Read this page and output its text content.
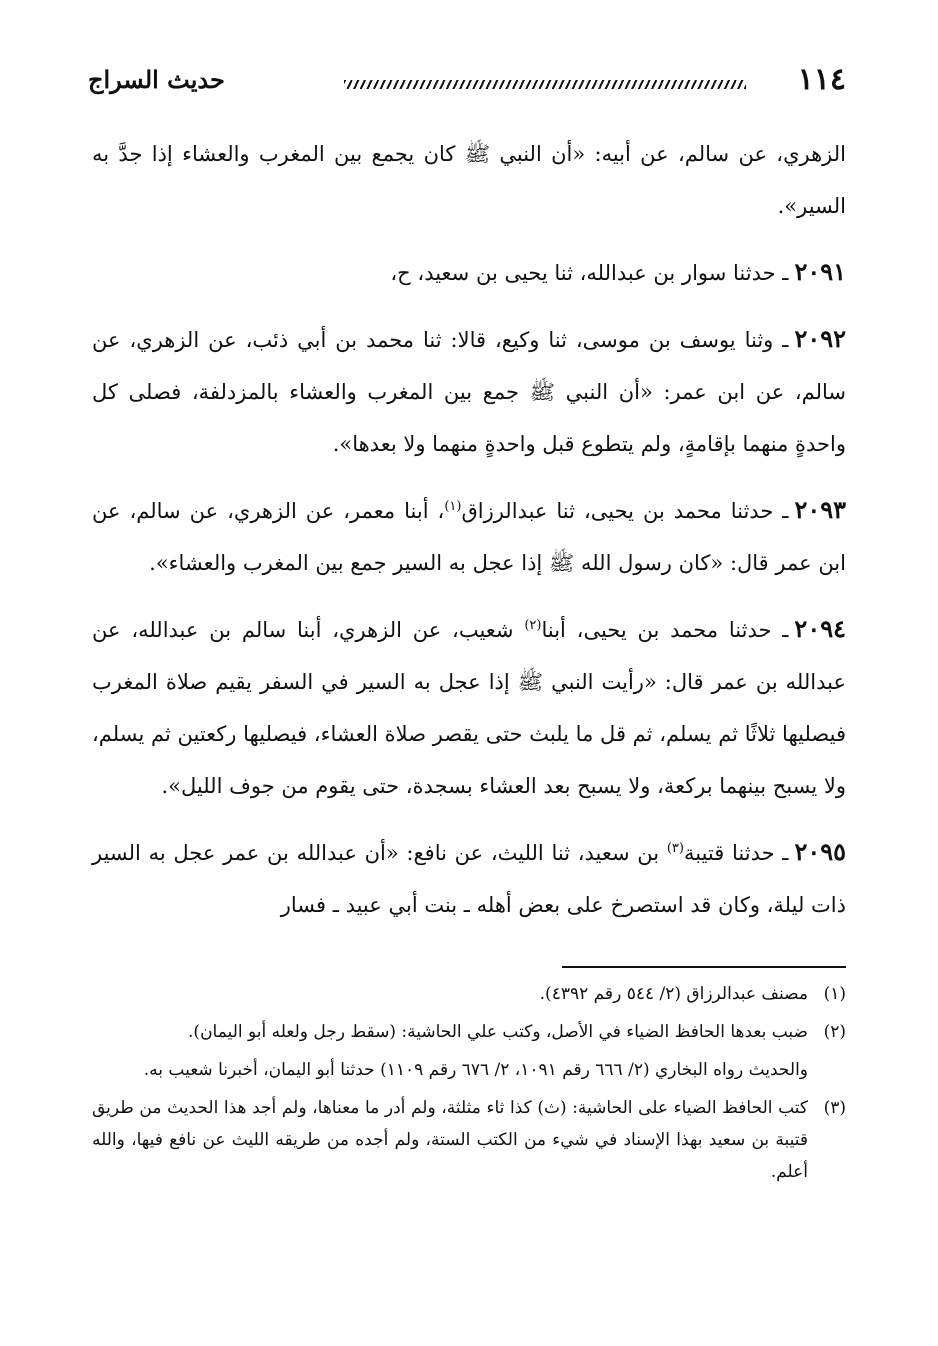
١١٤
حديث السراج

الزهري، عن سالم، عن أبيه: «أن النبي ﷺ كان يجمع بين المغرب والعشاء إذا جدَّ به السير».

٢٠٩١ـ حدثنا سوار بن عبدالله، ثنا يحيى بن سعيد، ح،

٢٠٩٢ـ وثنا يوسف بن موسى، ثنا وكيع، قالا: ثنا محمد بن أبي ذئب، عن الزهري، عن سالم، عن ابن عمر: «أن النبي ﷺ جمع بين المغرب والعشاء بالمزدلفة، فصلى كل واحدةٍ منهما بإقامةٍ، ولم يتطوع قبل واحدةٍ منهما ولا بعدها».

٢٠٩٣ـ حدثنا محمد بن يحيى، ثنا عبدالرزاق$^{(١)}$، أبنا معمر، عن الزهري، عن سالم، عن ابن عمر قال: «كان رسول الله ﷺ إذا عجل به السير جمع بين المغرب والعشاء».

٢٠٩٤ـ حدثنا محمد بن يحيى، أبنا$^{(٢)}$ شعيب، عن الزهري، أبنا سالم بن عبدالله، عن عبدالله بن عمر قال: «رأيت النبي ﷺ إذا عجل به السير في السفر يقيم صلاة المغرب فيصليها ثلاثًا ثم يسلم، ثم قل ما يلبث حتى يقصر صلاة العشاء، فيصليها ركعتين ثم يسلم، ولا يسبح بينهما بركعة، ولا يسبح بعد العشاء بسجدة، حتى يقوم من جوف الليل».

٢٠٩٥ـ حدثنا قتيبة$^{(٣)}$ بن سعيد، ثنا الليث، عن نافع: «أن عبدالله بن عمر عجل به السير ذات ليلة، وكان قد استصرخ على بعض أهله ـ بنت أبي عبيد ـ فسار

(١)
مصنف عبدالرزاق (٢/ ٥٤٤ رقم ٤٣٩٢).

(٢)
ضبب بعدها الحافظ الضياء في الأصل، وكتب علي الحاشية: (سقط رجل ولعله أبو اليمان).

والحديث رواه البخاري (٢/ ٦٦٦ رقم ١٠٩١، ٢/ ٦٧٦ رقم ١١٠٩) حدثنا أبو اليمان، أخبرنا شعيب به.

(٣)
كتب الحافظ الضياء على الحاشية: (ث) كذا ثاء مثلثة، ولم أدر ما معناها، ولم أجد هذا الحديث من طريق قتيبة بن سعيد بهذا الإسناد في شيء من الكتب الستة، ولم أجده من طريقه الليث عن نافع فيها، والله أعلم.
